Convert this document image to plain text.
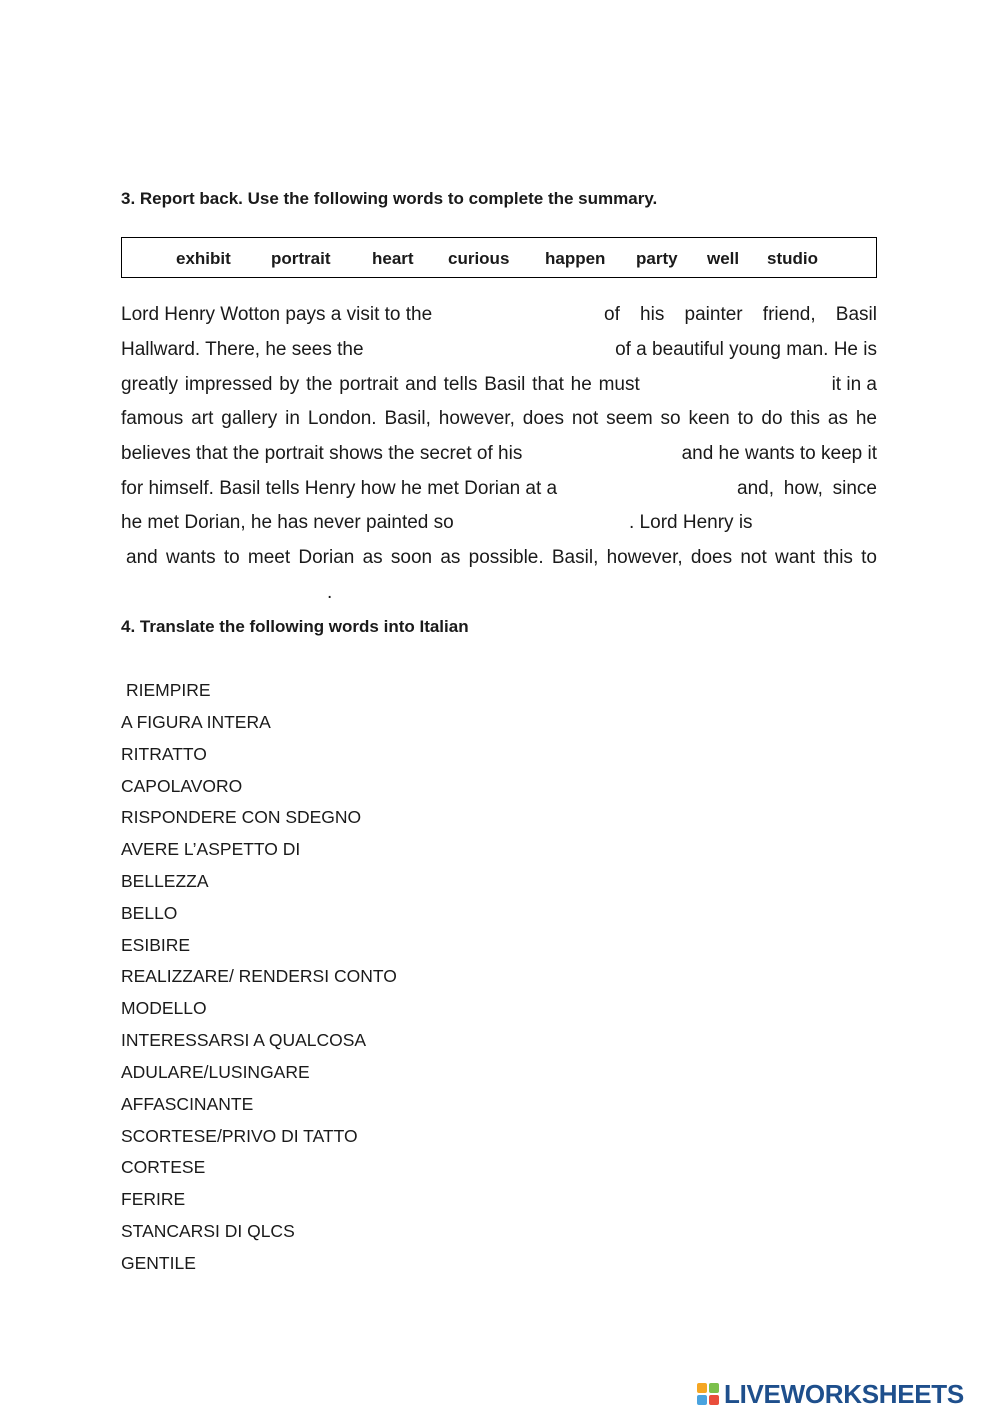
3. Report back. Use the following words to complete the summary.
exhibit portrait heart curious happen party well studio
Lord Henry Wotton pays a visit to the	of his painter friend, Basil
Hallward. There, he sees the	of a beautiful young man. He is
greatly impressed by the portrait and tells Basil that he must	it in a
famous art gallery in London. Basil, however, does not seem so keen to do this as he
believes that the portrait shows the secret of his	and he wants to keep it
for himself. Basil tells Henry how he met Dorian at a	and, how, since
he met Dorian, he has never painted so	. Lord Henry is
and wants to meet Dorian as soon as possible. Basil, however, does not want this to
.
4. Translate the following words into Italian
RIEMPIRE
A FIGURA INTERA
RITRATTO
CAPOLAVORO
RISPONDERE CON SDEGNO
AVERE L’ASPETTO DI
BELLEZZA
BELLO
ESIBIRE
REALIZZARE/ RENDERSI CONTO
MODELLO
INTERESSARSI A QUALCOSA
ADULARE/LUSINGARE
AFFASCINANTE
SCORTESE/PRIVO DI TATTO
CORTESE
FERIRE
STANCARSI DI QLCS
GENTILE
LIVEWORKSHEETS
